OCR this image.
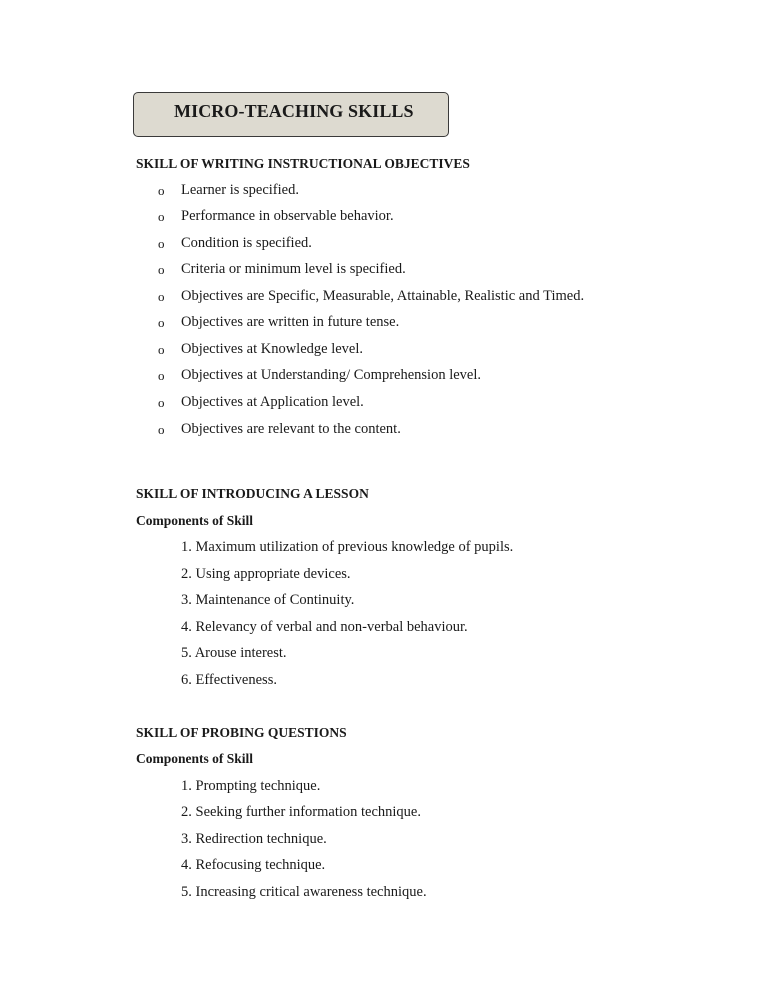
MICRO-TEACHING SKILLS
SKILL OF WRITING INSTRUCTIONAL OBJECTIVES
o Learner is specified.
o Performance in observable behavior.
o Condition is specified.
o Criteria or minimum level is specified.
o Objectives are Specific, Measurable, Attainable, Realistic and Timed.
o Objectives are written in future tense.
o Objectives at Knowledge level.
o Objectives at Understanding/ Comprehension level.
o Objectives at Application level.
o Objectives are relevant to the content.
SKILL OF INTRODUCING A LESSON
Components of Skill
1. Maximum utilization of previous knowledge of pupils.
2. Using appropriate devices.
3. Maintenance of Continuity.
4. Relevancy of verbal and non-verbal behaviour.
5. Arouse interest.
6. Effectiveness.
SKILL OF PROBING QUESTIONS
Components of Skill
1. Prompting technique.
2. Seeking further information technique.
3. Redirection technique.
4. Refocusing technique.
5. Increasing critical awareness technique.
